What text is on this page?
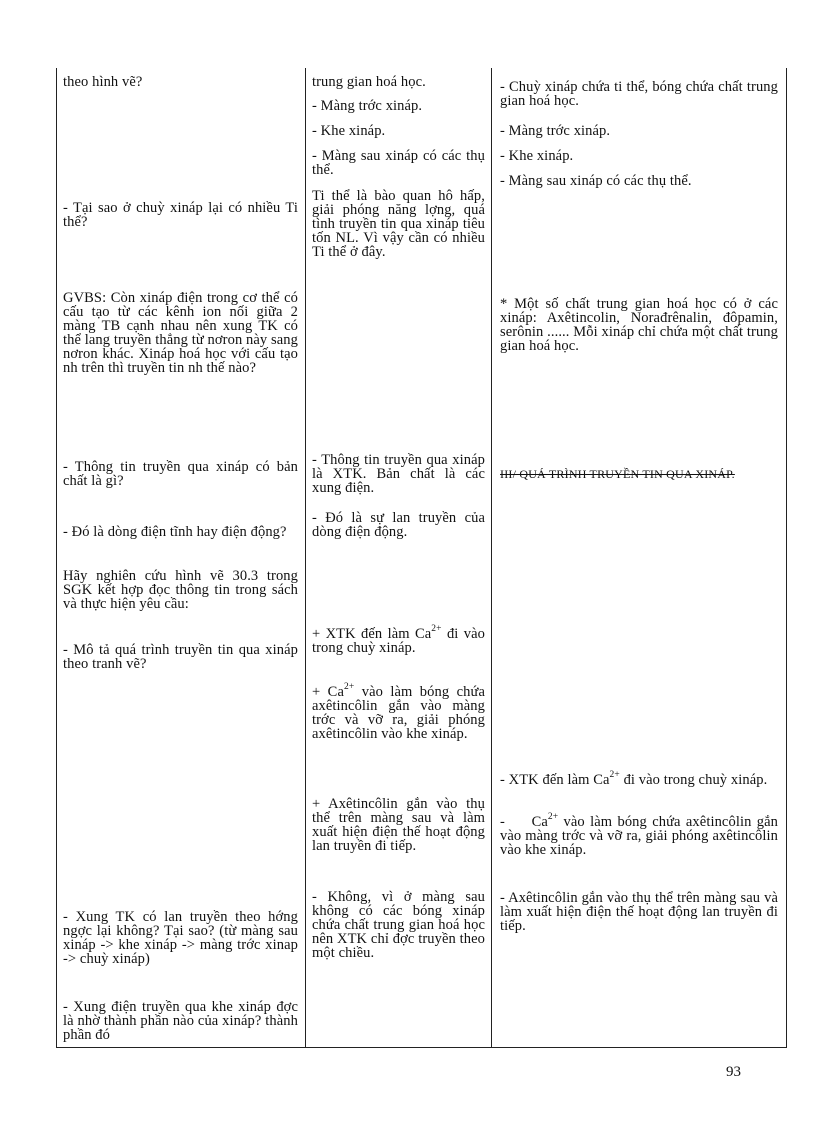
theo hình vẽ?
- Tại sao ở chuỳ xináp lại có nhiều Ti thể?
GVBS: Còn xináp điện trong cơ thể có cấu tạo từ các kênh ion nối giữa 2 màng TB cạnh nhau nên xung TK có thể lang truyền thẳng từ nơron này sang nơron khác. Xináp hoá học với cấu tạo nh trên thì truyền tin nh thế nào?
- Thông tin truyền qua xináp có bản chất là gì?
- Đó là dòng điện tĩnh hay điện động?
Hãy nghiên cứu hình vẽ 30.3 trong SGK kết hợp đọc thông tin trong sách và thực hiện yêu cầu:
- Mô tả quá trình truyền tin qua xináp theo tranh vẽ?
- Xung TK có lan truyền theo hớng ngợc lại không? Tại sao? (từ màng sau xináp -> khe xináp -> màng trớc xinap -> chuỳ xináp)
- Xung điện truyền qua khe xináp đợc là nhờ thành phần nào của xináp? thành phần đó
trung gian hoá học.
- Màng trớc xináp.
- Khe xináp.
- Màng sau xináp có các thụ thể.
Ti thể là bào quan hô hấp, giải phóng năng lợng, quá tình truyền tin qua xináp tiêu tốn NL. Vì vậy cần có nhiều Ti thể ở đây.
- Thông tin truyền qua xináp là XTK. Bản chất là các xung điện.
- Đó là sự lan truyền của dòng điện động.
+ XTK đến làm $Ca^{2+}$ đi vào trong chuỳ xináp.
+ $Ca^{2+}$ vào làm bóng chứa axêtincôlin gắn vào màng trớc và vỡ ra, giải phóng axêtincôlin vào khe xináp.
+ Axêtincôlin gắn vào thụ thể trên màng sau và làm xuất hiện điện thế hoạt động lan truyền đi tiếp.
- Không, vì ở màng sau không có các bóng xináp chứa chất trung gian hoá học nên XTK chỉ đợc truyền theo một chiều.
- Chuỳ xináp chứa ti thể, bóng chứa chất trung gian hoá học.
- Màng trớc xináp.
- Khe xináp.
- Màng sau xináp có các thụ thể.
* Một số chất trung gian hoá học có ở các xináp: Axêtincolin, Norađrênalin, đôpamin, serônin ...... Mỗi xináp chỉ chứa một chất trung gian hoá học.
III/ QUÁ TRÌNH TRUYỀN TIN QUA XINÁP.
- XTK đến làm $Ca^{2+}$ đi vào trong chuỳ xináp.
- $Ca^{2+}$ vào làm bóng chứa axêtincôlin gắn vào màng trớc và vỡ ra, giải phóng axêtincôlin vào khe xináp.
- Axêtincôlin gắn vào thụ thể trên màng sau và làm xuất hiện điện thế hoạt động lan truyền đi tiếp.
93
